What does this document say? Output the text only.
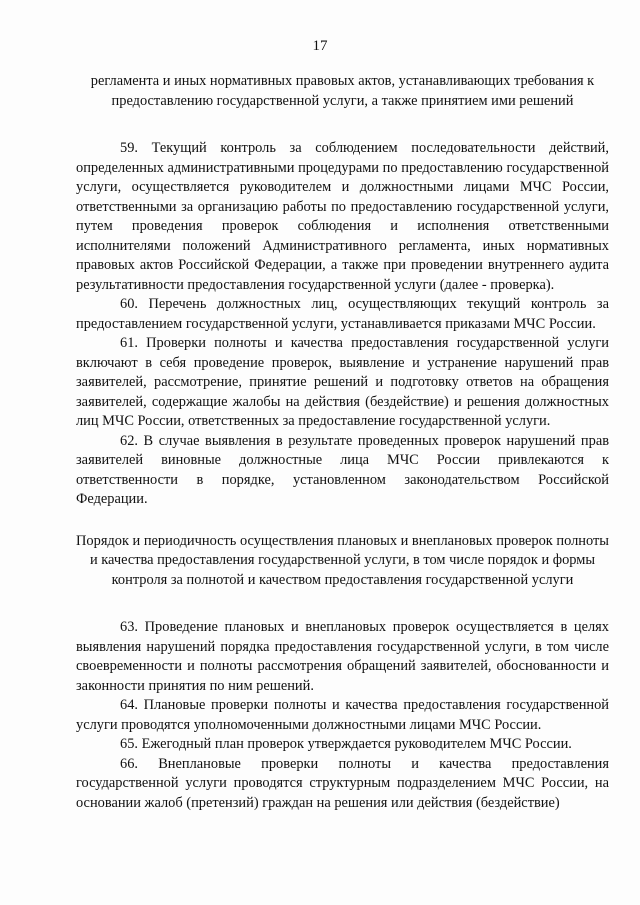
17

регламента и иных нормативных правовых актов, устанавливающих требования к предоставлению государственной услуги, а также принятием ими решений

59. Текущий контроль за соблюдением последовательности действий, определенных административными процедурами по предоставлению государственной услуги, осуществляется руководителем и должностными лицами МЧС России, ответственными за организацию работы по предоставлению государственной услуги, путем проведения проверок соблюдения и исполнения ответственными исполнителями положений Административного регламента, иных нормативных правовых актов Российской Федерации, а также при проведении внутреннего аудита результативности предоставления государственной услуги (далее - проверка).

60. Перечень должностных лиц, осуществляющих текущий контроль за предоставлением государственной услуги, устанавливается приказами МЧС России.

61. Проверки полноты и качества предоставления государственной услуги включают в себя проведение проверок, выявление и устранение нарушений прав заявителей, рассмотрение, принятие решений и подготовку ответов на обращения заявителей, содержащие жалобы на действия (бездействие) и решения должностных лиц МЧС России, ответственных за предоставление государственной услуги.

62. В случае выявления в результате проведенных проверок нарушений прав заявителей виновные должностные лица МЧС России привлекаются к ответственности в порядке, установленном законодательством Российской Федерации.

Порядок и периодичность осуществления плановых и внеплановых проверок полноты и качества предоставления государственной услуги, в том числе порядок и формы контроля за полнотой и качеством предоставления государственной услуги

63. Проведение плановых и внеплановых проверок осуществляется в целях выявления нарушений порядка предоставления государственной услуги, в том числе своевременности и полноты рассмотрения обращений заявителей, обоснованности и законности принятия по ним решений.

64. Плановые проверки полноты и качества предоставления государственной услуги проводятся уполномоченными должностными лицами МЧС России.

65. Ежегодный план проверок утверждается руководителем МЧС России.

66. Внеплановые проверки полноты и качества предоставления государственной услуги проводятся структурным подразделением МЧС России, на основании жалоб (претензий) граждан на решения или действия (бездействие)
